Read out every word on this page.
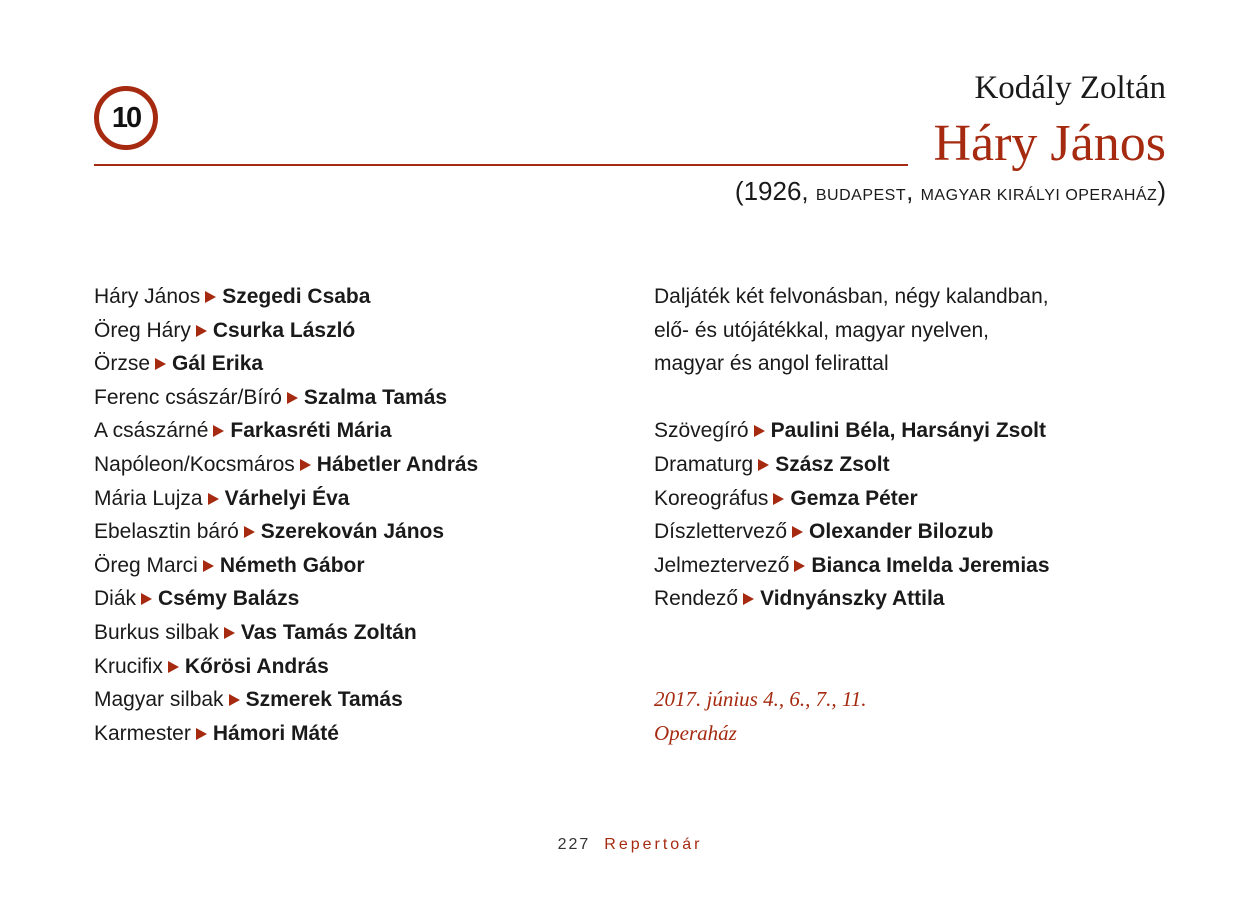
10
Kodály Zoltán
Háry János
(1926, BUDAPEST, MAGYAR KIRÁLYI OPERAHÁZ)
Háry János Szegedi Csaba
Öreg Háry Csurka László
Örzse Gál Erika
Ferenc császár/Bíró Szalma Tamás
A császárné Farkasréti Mária
Napóleon/Kocsmáros Hábetler András
Mária Lujza Várhelyi Éva
Ebelasztin báró Szerekován János
Öreg Marci Németh Gábor
Diák Csémy Balázs
Burkus silbak Vas Tamás Zoltán
Krucifix Kőrösi András
Magyar silbak Szmerek Tamás
Karmester Hámori Máté
Daljáték két felvonásban, négy kalandban,
elő- és utójátékkal, magyar nyelven,
magyar és angol felirattal
Szövegíró Paulini Béla, Harsányi Zsolt
Dramaturg Szász Zsolt
Koreográfus Gemza Péter
Díszlettervező Olexander Bilozub
Jelmeztervező Bianca Imelda Jeremias
Rendező Vidnyánszky Attila
2017. június 4., 6., 7., 11.
Operaház
227 Repertoár
